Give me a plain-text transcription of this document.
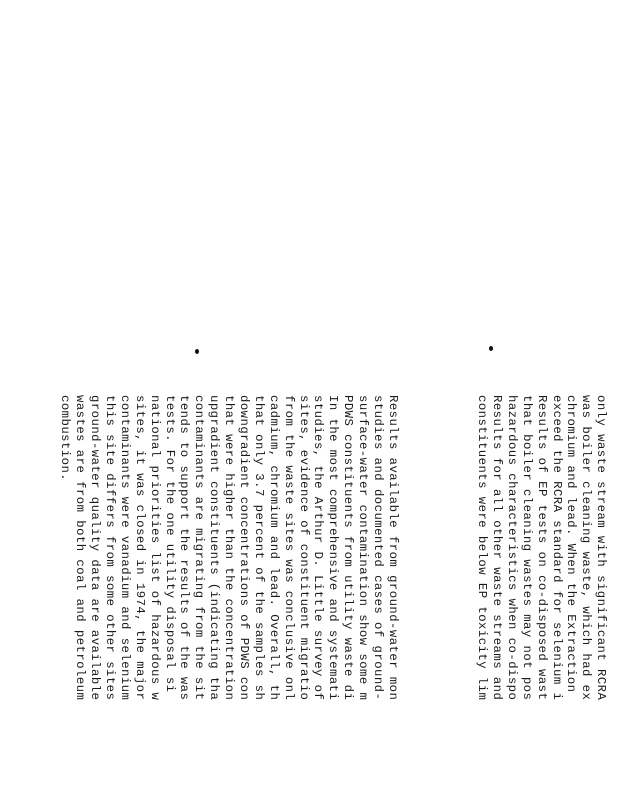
only waste stream with significant RCRA
was boiler cleaning waste, which had ex
chromium and lead. When the Extraction
exceed the RCRA standard for selenium i
Results of EP tests on co-disposed wast
that boiler cleaning wastes may not pos
hazardous characteristics when co-dispo
Results for all other waste streams and
constituents were below EP toxicity lim

Results available from ground-water mon
studies and documented cases of ground-
surface-water contamination show some m
PDWS constituents from utility waste di
In the most comprehensive and systemati
studies, the Arthur D. Little survey of
sites, evidence of constituent migratio
from the waste sites was conclusive onl
cadmium, chromium and lead. Overall, th
that only 3.7 percent of the samples sh
downgradient concentrations of PDWS con
that were higher than the concentration
upgradient constituents (indicating tha
contaminants are migrating from the sit
tends to support the results of the was
tests. For the one utility disposal si
national priorities list of hazardous w
sites, it was closed in 1974, the major
contaminants were vanadium and selenium
this site differs from some other sites
ground-water quality data are available
wastes are from both coal and petroleum
combustion.
